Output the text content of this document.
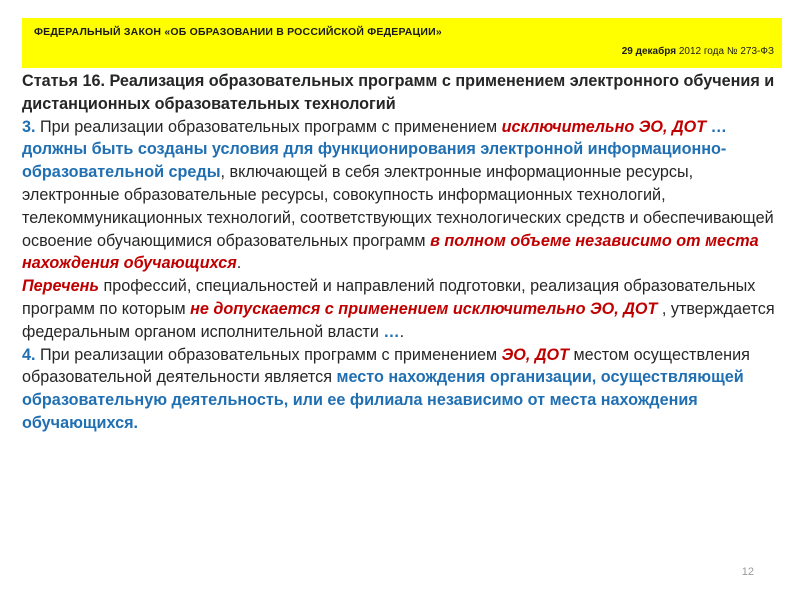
ФЕДЕРАЛЬНЫЙ ЗАКОН «ОБ ОБРАЗОВАНИИ В РОССИЙСКОЙ ФЕДЕРАЦИИ»
29 декабря 2012 года № 273-ФЗ

Статья 16. Реализация образовательных программ с применением электронного обучения и дистанционных образовательных технологий

3. При реализации образовательных программ с применением исключительно ЭО, ДОТ … должны быть созданы условия для функционирования электронной информационно-образовательной среды, включающей в себя электронные информационные ресурсы, электронные образовательные ресурсы, совокупность информационных технологий, телекоммуникационных технологий, соответствующих технологических средств и обеспечивающей освоение обучающимися образовательных программ в полном объеме независимо от места нахождения обучающихся.

Перечень профессий, специальностей и направлений подготовки, реализация образовательных программ по которым не допускается с применением исключительно ЭО, ДОТ , утверждается федеральным органом исполнительной власти ….

4. При реализации образовательных программ с применением ЭО, ДОТ местом осуществления образовательной деятельности является место нахождения организации, осуществляющей образовательную деятельность, или ее филиала независимо от места нахождения обучающихся.

12
